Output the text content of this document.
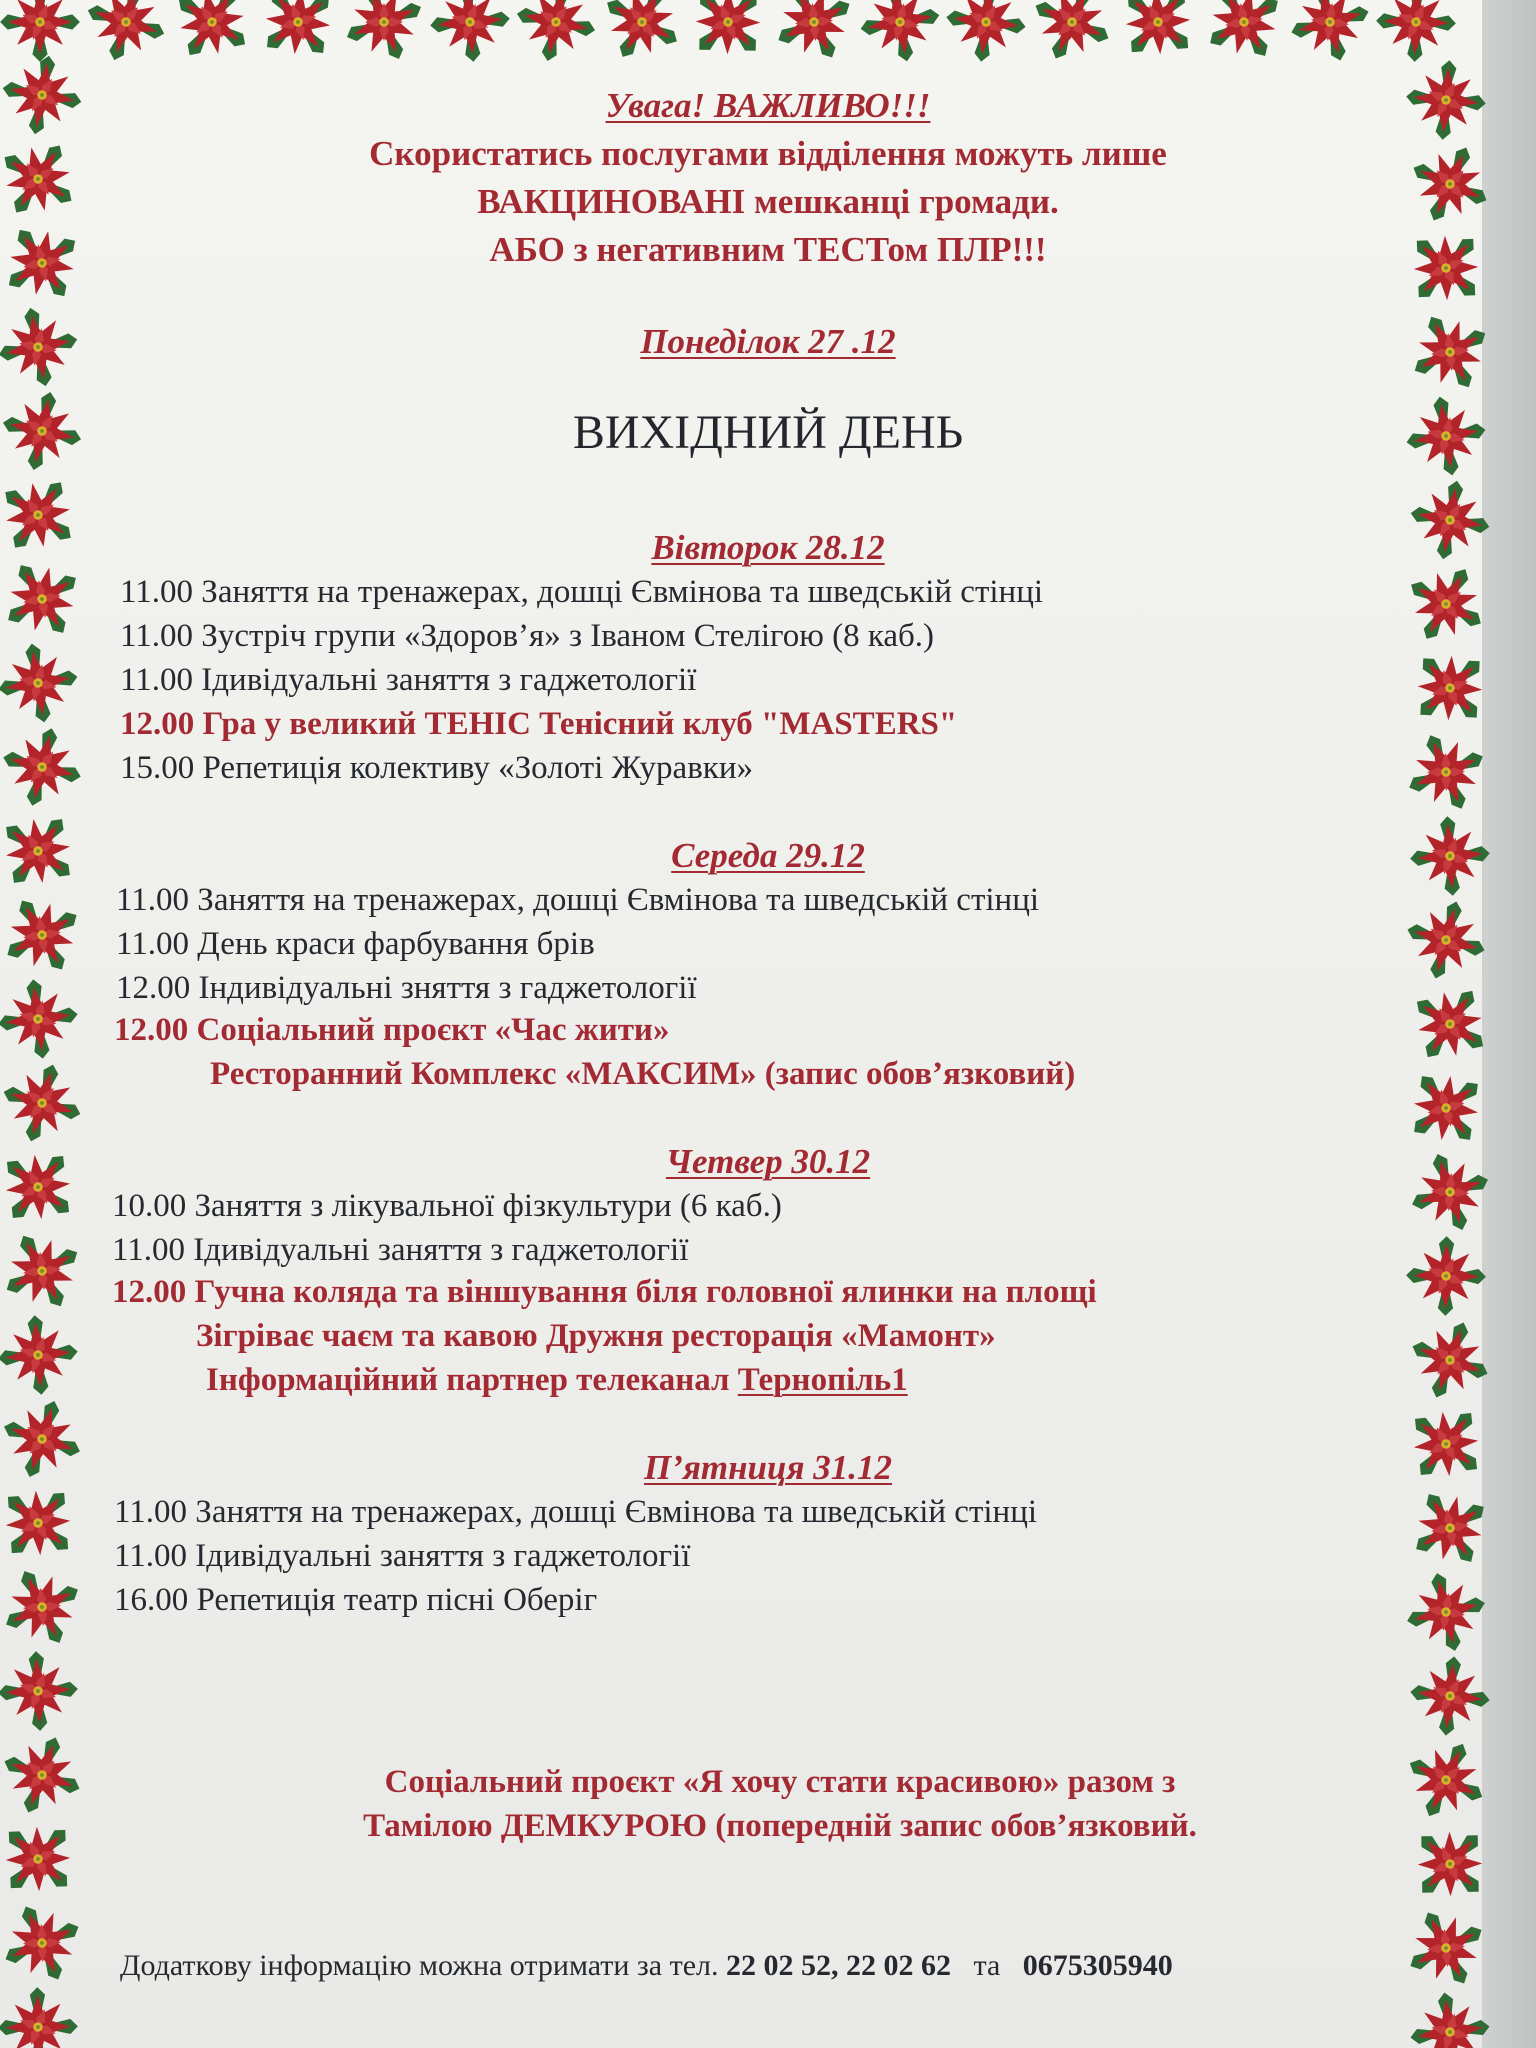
Увага! ВАЖЛИВО!!!
Скористатись послугами відділення можуть лише
ВАКЦИНОВАНІ мешканці громади.
АБО з негативним ТЕСТом ПЛР!!!
Понеділок 27 .12
ВИХІДНИЙ ДЕНЬ
Вівторок 28.12
11.00 Заняття на тренажерах, дошці Євмінова та шведській стінці
11.00 Зустріч групи «Здоров’я» з Іваном Стелігою (8 каб.)
11.00 Ідивідуальні заняття з гаджетології
12.00 Гра у великий ТЕНІС Тенісний клуб "MASTERS"
15.00 Репетиція колективу «Золоті Журавки»
Середа 29.12
11.00 Заняття на тренажерах, дошці Євмінова та шведській стінці
11.00 День краси фарбування брів
12.00 Індивідуальні зняття з гаджетології
12.00 Соціальний проєкт «Час жити»
Ресторанний Комплекс «МАКСИМ» (запис обов’язковий)
Четвер 30.12
10.00 Заняття з лікувальної фізкультури (6 каб.)
11.00 Ідивідуальні заняття з гаджетології
12.00 Гучна коляда та віншування біля головної ялинки на площі
Зігріває чаєм та кавою Дружня ресторація «Мамонт»
Інформаційний партнер телеканал Тернопіль1
П’ятниця 31.12
11.00 Заняття на тренажерах, дошці Євмінова та шведській стінці
11.00 Ідивідуальні заняття з гаджетології
16.00 Репетиція театр пісні Оберіг
Соціальний проєкт «Я хочу стати красивою» разом з
Тамілою ДЕМКУРОЮ (попередній запис обов’язковий.
Додаткову інформацію можна отримати за тел. 22 02 52, 22 02 62 та 0675305940
